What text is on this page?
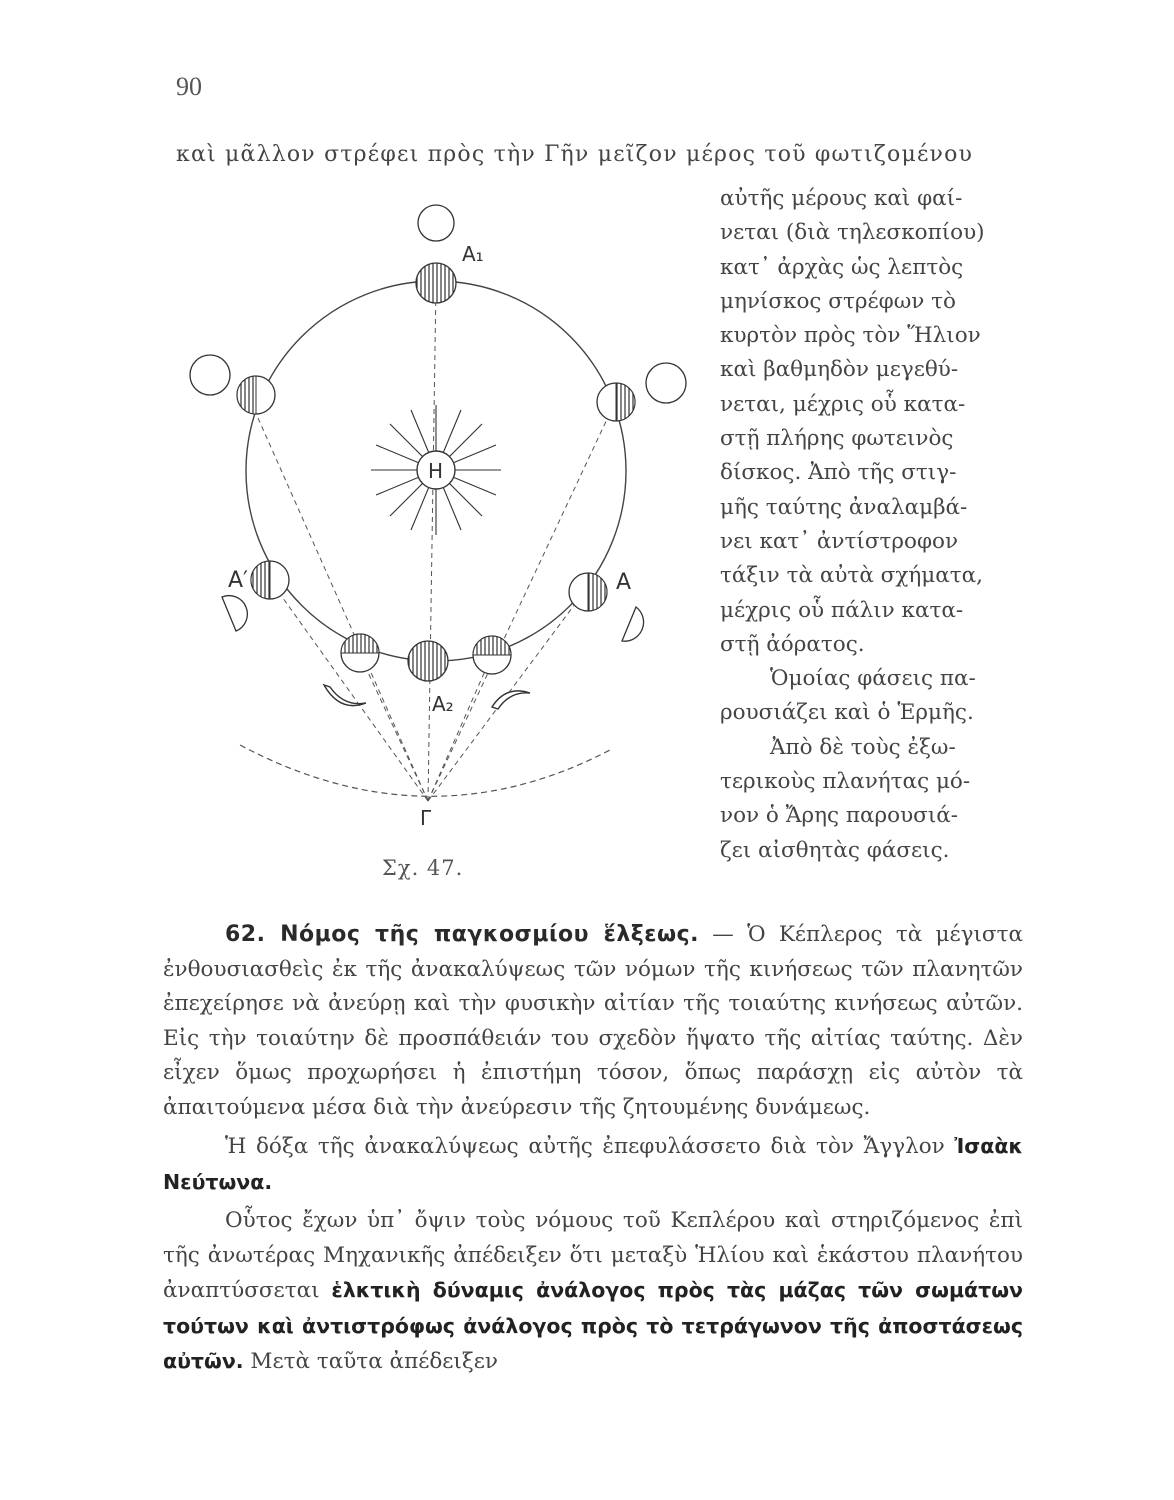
90
καὶ μᾶλλον στρέφει πρὸς τὴν Γῆν μεῖζον μέρος τοῦ φωτιζομένου
αὐτῆς μέρους καὶ φαί-
νεται (διὰ τηλεσκοπίου)
κατ᾽ ἀρχὰς ὡς λεπτὸς
μηνίσκος στρέφων τὸ
κυρτὸν πρὸς τὸν Ἥλιον
καὶ βαθμηδὸν μεγεθύ-
νεται, μέχρις οὗ κατα-
στῇ πλήρης φωτεινὸς
δίσκος. Ἀπὸ τῆς στιγ-
μῆς ταύτης ἀναλαμβά-
νει κατ᾽ ἀντίστροφον
τάξιν τὰ αὐτὰ σχήματα,
μέχρις οὗ πάλιν κατα-
στῇ ἀόρατος.
Ὁμοίας φάσεις πα-
ρουσιάζει καὶ ὁ Ἑρμῆς.
Ἀπὸ δὲ τοὺς ἐξω-
τερικοὺς πλανήτας μό-
νον ὁ Ἄρης παρουσιά-
ζει αἰσθητὰς φάσεις.
A₁
H
A′	A
A₂
Γ
Σχ. 47.

62. Νόμος τῆς παγκοσμίου ἕλξεως. — Ὁ Κέπλερος τὰ μέγιστα ἐνθουσιασθεὶς ἐκ τῆς ἀνακαλύψεως τῶν νόμων τῆς κινήσεως τῶν πλανητῶν ἐπεχείρησε νὰ ἀνεύρῃ καὶ τὴν φυσικὴν αἰτίαν τῆς τοιαύτης κινήσεως αὐτῶν. Εἰς τὴν τοιαύτην δὲ προσπάθειάν του σχεδὸν ἥψατο τῆς αἰτίας ταύτης. Δὲν εἶχεν ὅμως προχωρήσει ἡ ἐπιστήμη τόσον, ὅπως παράσχῃ εἰς αὐτὸν τὰ ἀπαιτούμενα μέσα διὰ τὴν ἀνεύρεσιν τῆς ζητουμένης δυνάμεως.

Ἡ δόξα τῆς ἀνακαλύψεως αὐτῆς ἐπεφυλάσσετο διὰ τὸν Ἄγγλον Ἰσαὰκ Νεύτωνα.

Οὗτος ἔχων ὑπ᾽ ὄψιν τοὺς νόμους τοῦ Κεπλέρου καὶ στηριζόμενος ἐπὶ τῆς ἀνωτέρας Μηχανικῆς ἀπέδειξεν ὅτι μεταξὺ Ἡλίου καὶ ἑκάστου πλανήτου ἀναπτύσσεται ἑλκτικὴ δύναμις ἀνάλογος πρὸς τὰς μάζας τῶν σωμάτων τούτων καὶ ἀντιστρόφως ἀνάλογος πρὸς τὸ τετράγωνον τῆς ἀποστάσεως αὐτῶν. Μετὰ ταῦτα ἀπέδειξεν
